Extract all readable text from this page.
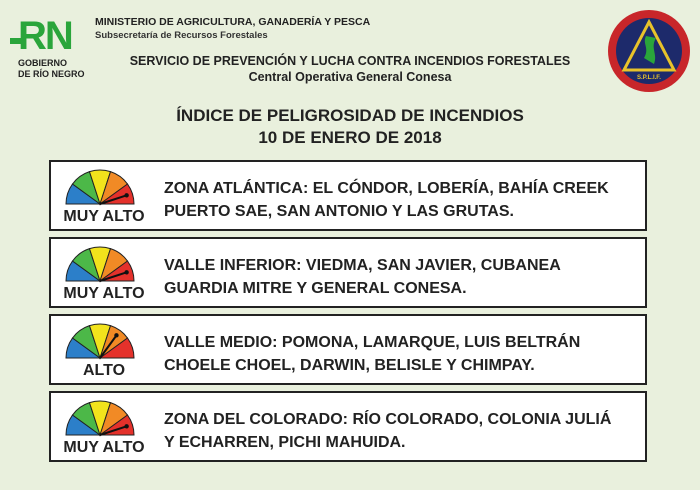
RN
GOBIERNO
DE RÍO NEGRO
MINISTERIO DE AGRICULTURA, GANADERÍA Y PESCA
Subsecretaría de Recursos Forestales
SERVICIO DE PREVENCIÓN Y LUCHA CONTRA INCENDIOS FORESTALES
Central Operativa General Conesa	S.P.L.I.F.
ÍNDICE DE PELIGROSIDAD DE INCENDIOS
10 DE ENERO DE 2018
MUY ALTO
ZONA ATLÁNTICA: EL CÓNDOR, LOBERÍA, BAHÍA CREEK
PUERTO SAE, SAN ANTONIO Y LAS GRUTAS.
MUY ALTO
VALLE INFERIOR: VIEDMA, SAN JAVIER, CUBANEA
GUARDIA MITRE Y GENERAL CONESA.
ALTO
VALLE MEDIO: POMONA, LAMARQUE, LUIS BELTRÁN
CHOELE CHOEL, DARWIN, BELISLE Y CHIMPAY.
MUY ALTO
ZONA DEL COLORADO: RÍO COLORADO, COLONIA JULIÁ
Y ECHARREN, PICHI MAHUIDA.
